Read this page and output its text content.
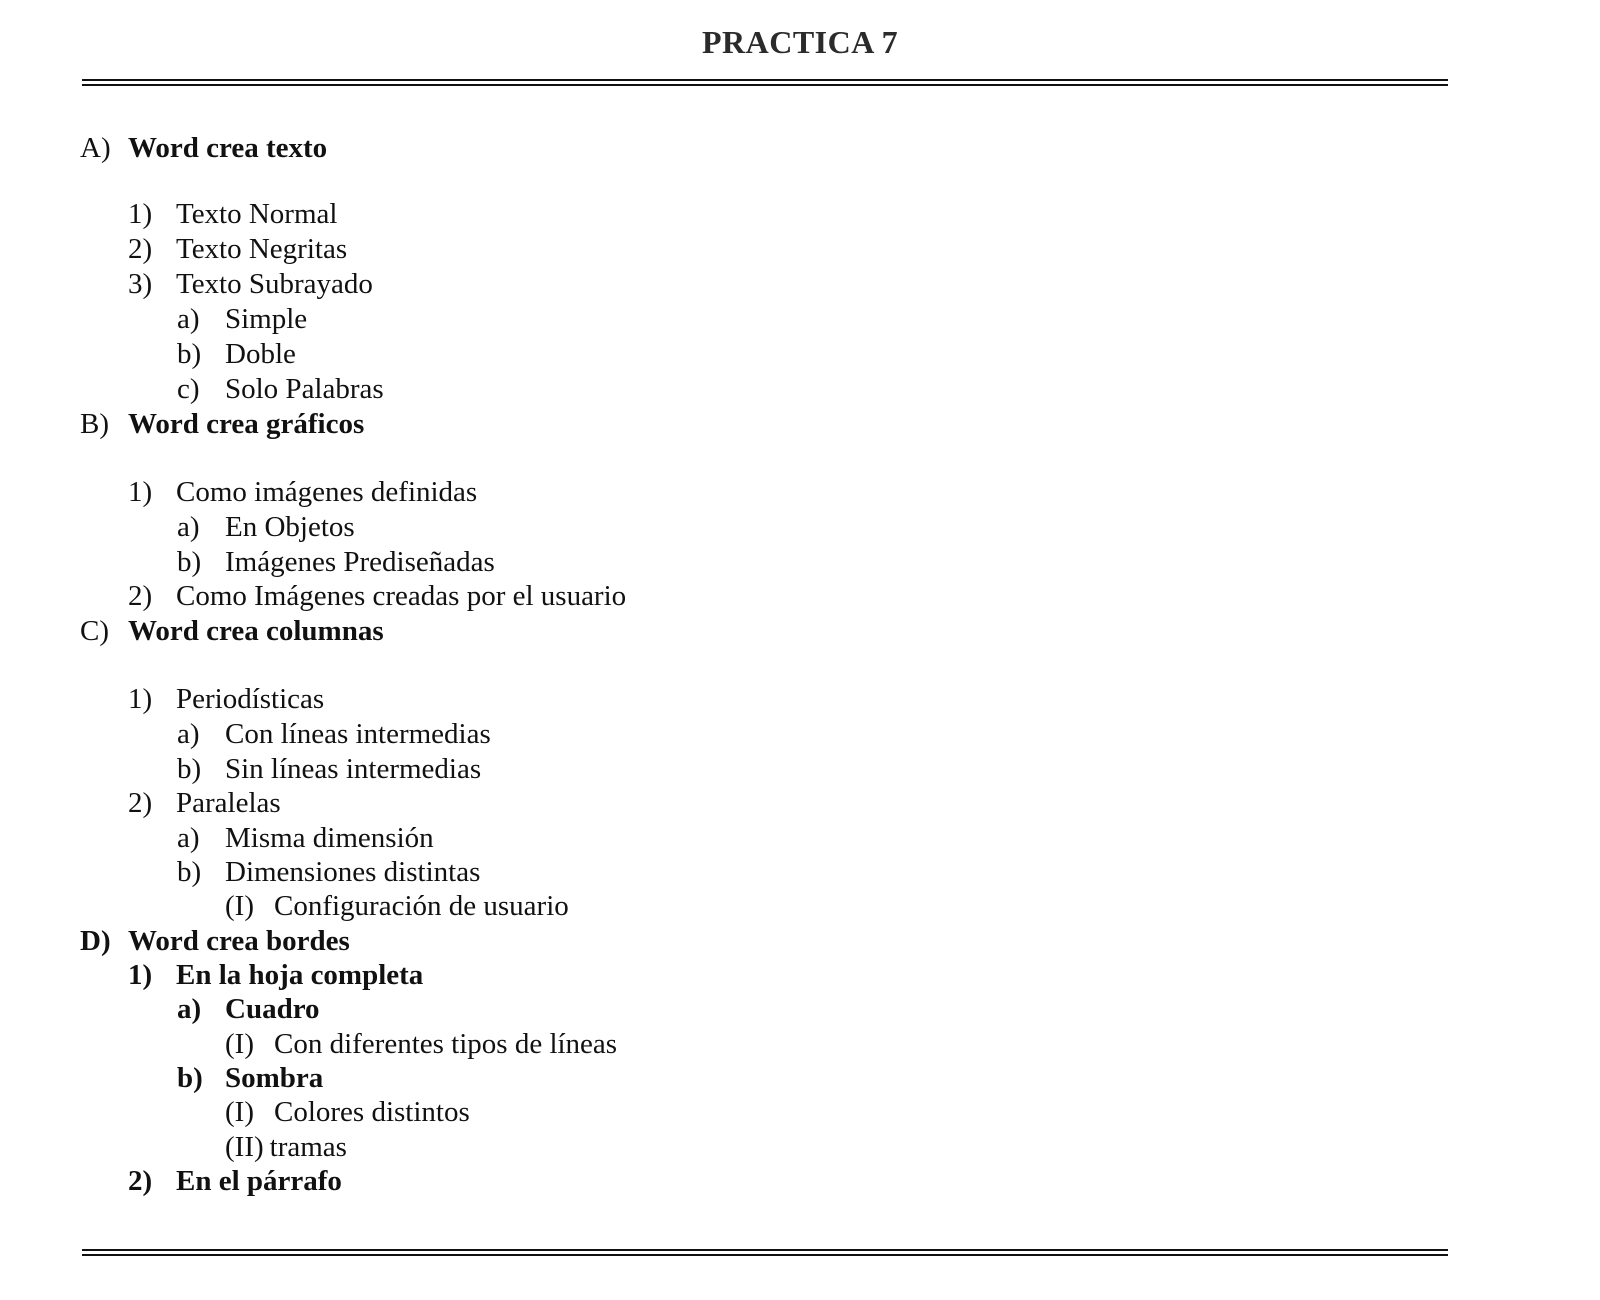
PRACTICA 7
A) Word crea texto
1) Texto Normal
2) Texto Negritas
3) Texto Subrayado
a) Simple
b) Doble
c) Solo Palabras
B) Word crea gráficos
1) Como imágenes definidas
a) En Objetos
b) Imágenes Prediseñadas
2) Como Imágenes creadas por el usuario
C) Word crea columnas
1) Periodísticas
a) Con líneas intermedias
b) Sin líneas intermedias
2) Paralelas
a) Misma dimensión
b) Dimensiones distintas
(I) Configuración de usuario
D) Word crea bordes
1) En la hoja completa
a) Cuadro
(I) Con diferentes tipos de líneas
b) Sombra
(I) Colores distintos
(II) tramas
2) En el párrafo
